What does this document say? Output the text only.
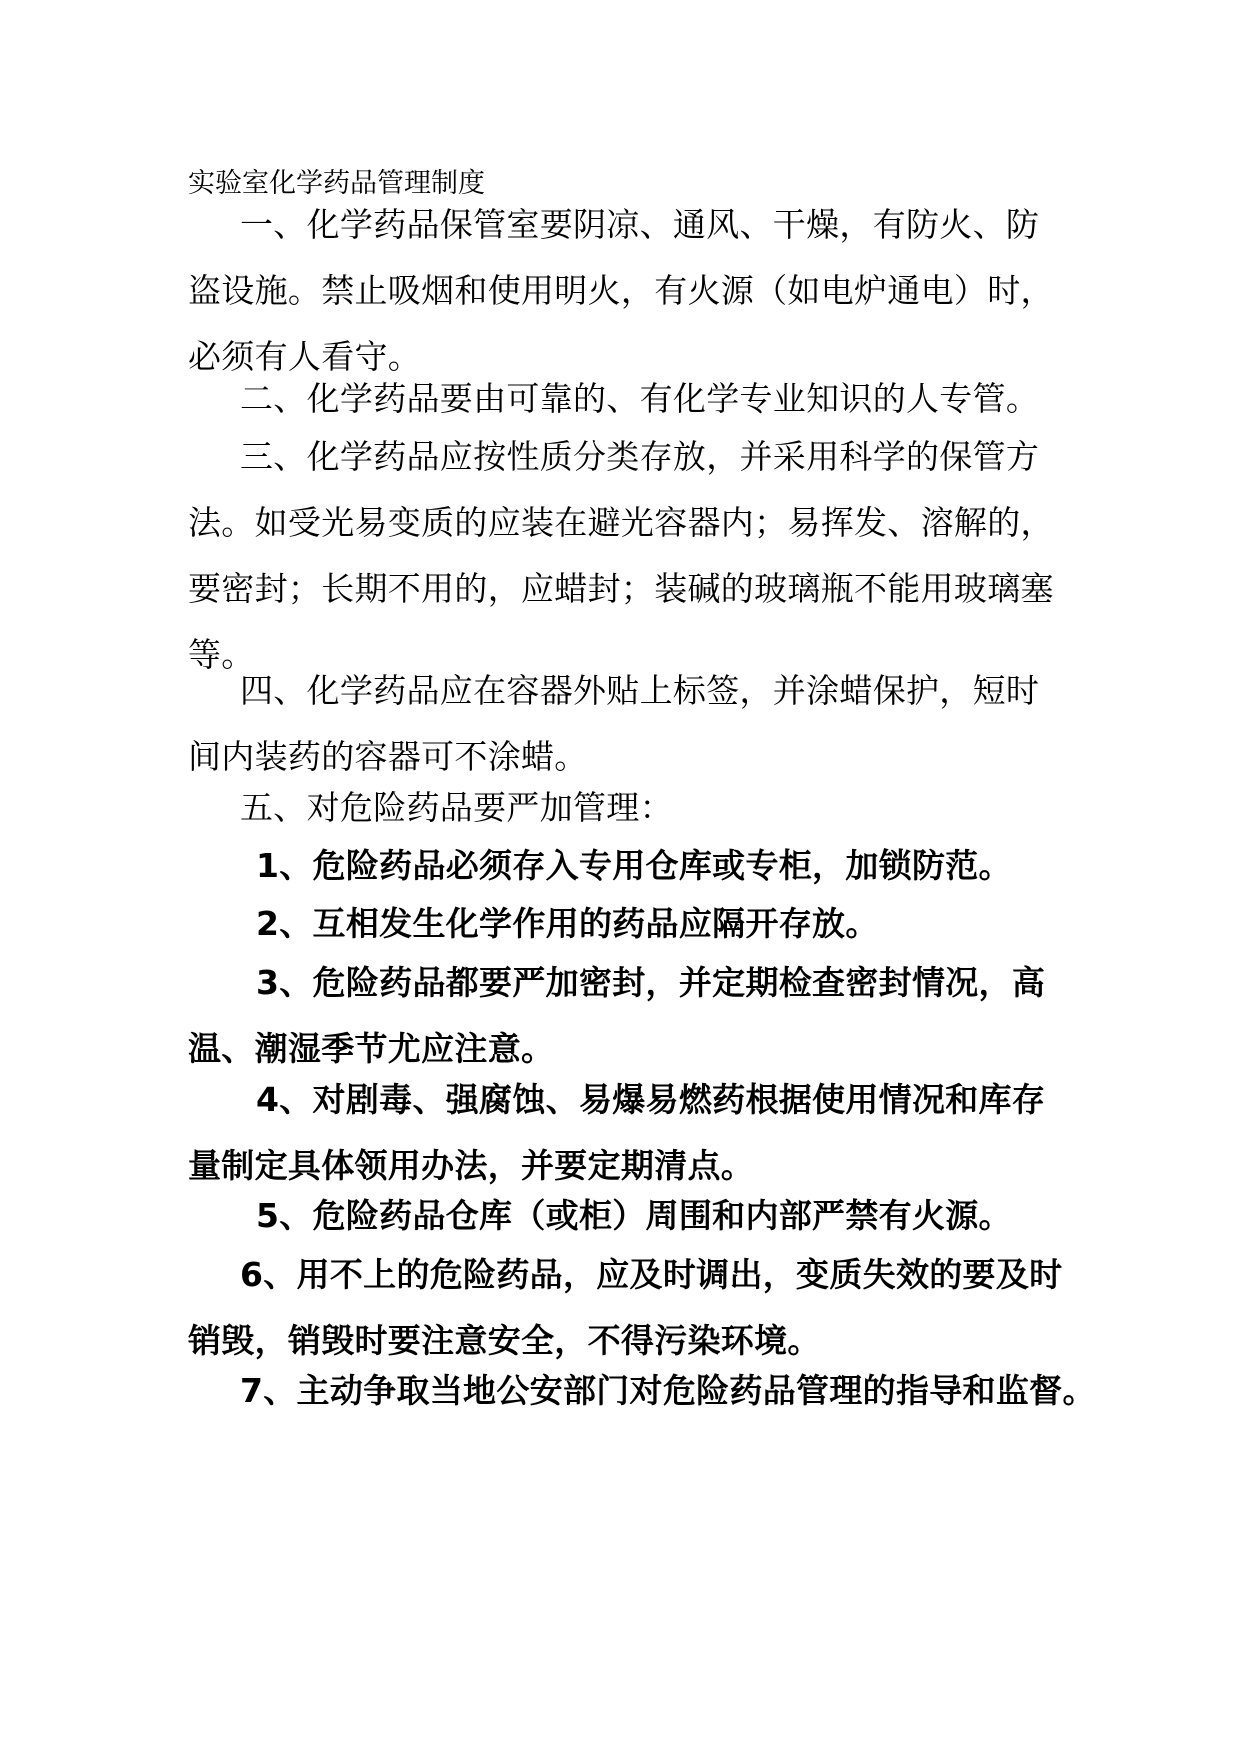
实验室化学药品管理制度
一、化学药品保管室要阴凉、通风、干燥，有防火、防
盗设施。禁止吸烟和使用明火，有火源（如电炉通电）时，
必须有人看守。
二、化学药品要由可靠的、有化学专业知识的人专管。
三、化学药品应按性质分类存放，并采用科学的保管方
法。如受光易变质的应装在避光容器内；易挥发、溶解的，
要密封；长期不用的，应蜡封；装碱的玻璃瓶不能用玻璃塞
等。
四、化学药品应在容器外贴上标签，并涂蜡保护，短时
间内装药的容器可不涂蜡。
五、对危险药品要严加管理：
1、危险药品必须存入专用仓库或专柜，加锁防范。
2、互相发生化学作用的药品应隔开存放。
3、危险药品都要严加密封，并定期检查密封情况，高
温、潮湿季节尤应注意。
4、对剧毒、强腐蚀、易爆易燃药根据使用情况和库存
量制定具体领用办法，并要定期清点。
5、危险药品仓库（或柜）周围和内部严禁有火源。
6、用不上的危险药品，应及时调出，变质失效的要及时
销毁，销毁时要注意安全，不得污染环境。
7、主动争取当地公安部门对危险药品管理的指导和监督。
